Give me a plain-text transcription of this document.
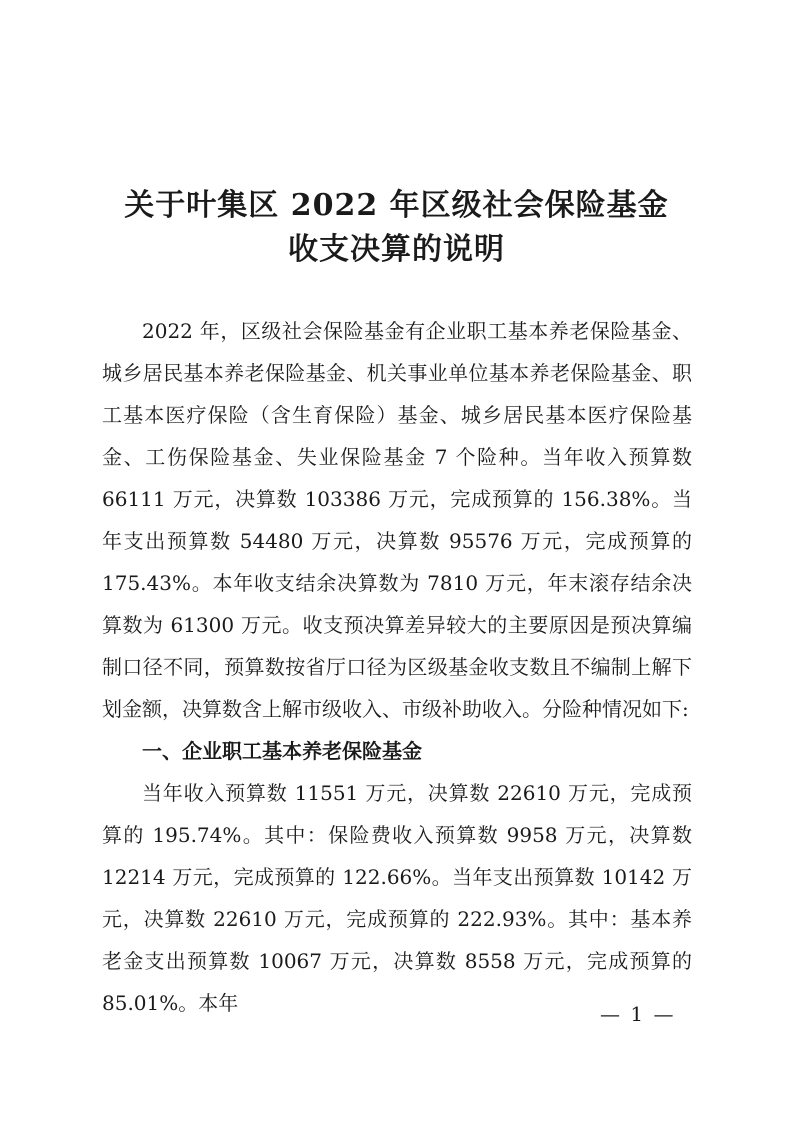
关于叶集区 2022 年区级社会保险基金
收支决算的说明

2022 年，区级社会保险基金有企业职工基本养老保险基金、城乡居民基本养老保险基金、机关事业单位基本养老保险基金、职工基本医疗保险（含生育保险）基金、城乡居民基本医疗保险基金、工伤保险基金、失业保险基金 7 个险种。当年收入预算数 66111 万元，决算数 103386 万元，完成预算的 156.38%。当年支出预算数 54480 万元，决算数 95576 万元，完成预算的 175.43%。本年收支结余决算数为 7810 万元，年末滚存结余决算数为 61300 万元。收支预决算差异较大的主要原因是预决算编制口径不同，预算数按省厅口径为区级基金收支数且不编制上解下划金额，决算数含上解市级收入、市级补助收入。分险种情况如下:

一、企业职工基本养老保险基金

当年收入预算数 11551 万元，决算数 22610 万元，完成预算的 195.74%。其中：保险费收入预算数 9958 万元，决算数 12214 万元，完成预算的 122.66%。当年支出预算数 10142 万元，决算数 22610 万元，完成预算的 222.93%。其中：基本养老金支出预算数 10067 万元，决算数 8558 万元，完成预算的 85.01%。本年	— 1 —
